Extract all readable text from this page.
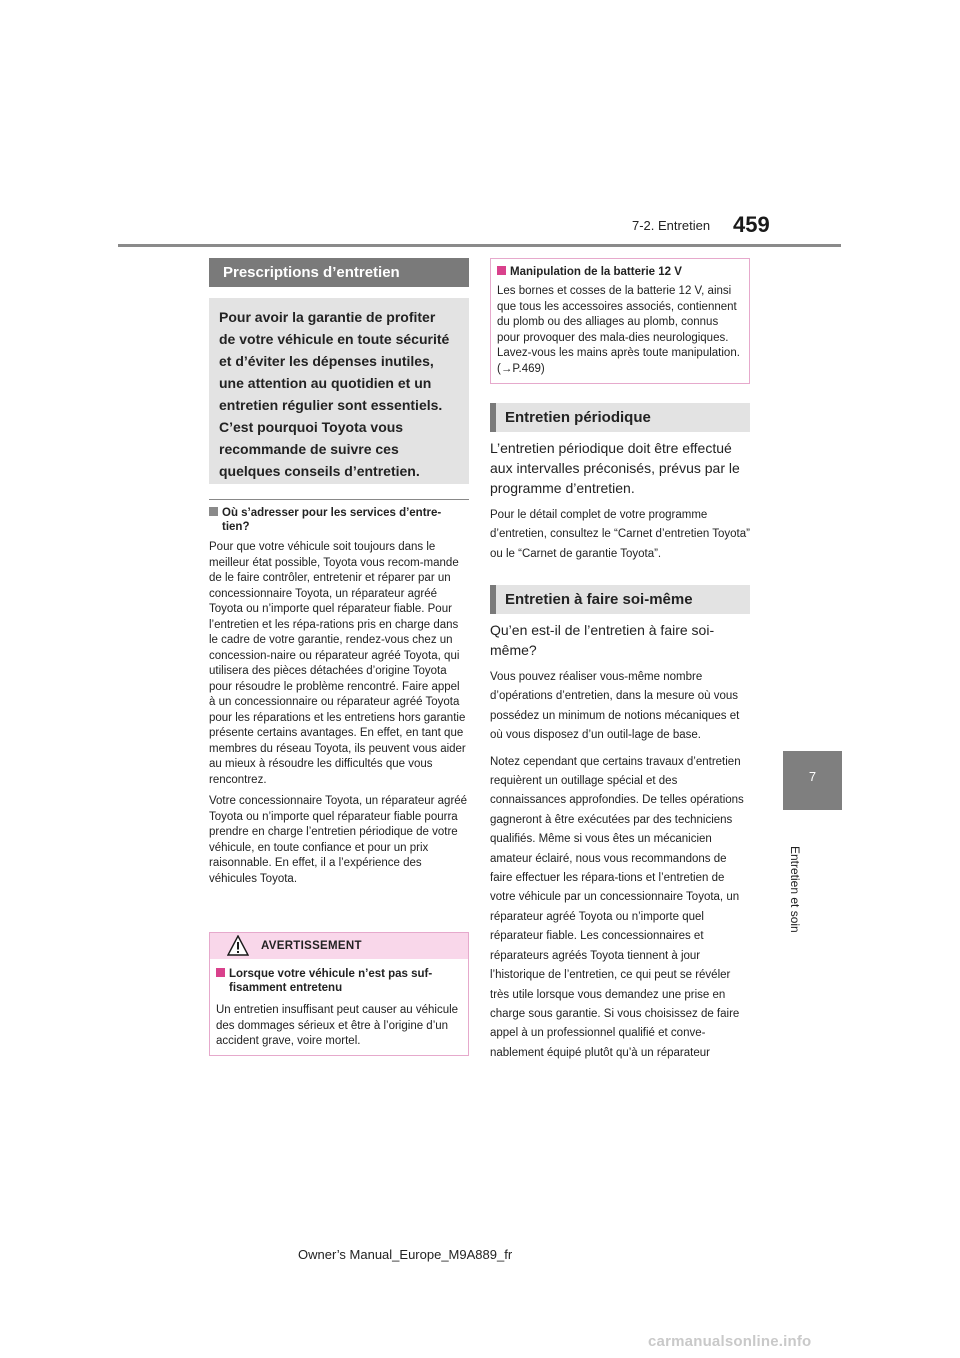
7-2. Entretien 459
7
Entretien et soin
Prescriptions d’entretien

Pour avoir la garantie de profiter

de votre véhicule en toute sécurité

et d’éviter les dépenses inutiles,

une attention au quotidien et un

entretien régulier sont essentiels.

C’est pourquoi Toyota vous

recommande de suivre ces

quelques conseils d’entretien.

Où s’adresser pour les services d’entre-
tien?

Pour que votre véhicule soit toujours dans le meilleur état possible, Toyota vous recom-mande de le faire contrôler, entretenir et réparer par un concessionnaire Toyota, un réparateur agréé Toyota ou n’importe quel réparateur fiable. Pour l’entretien et les répa-rations pris en charge dans le cadre de votre garantie, rendez-vous chez un concession-naire ou réparateur agréé Toyota, qui utilisera des pièces détachées d’origine Toyota pour résoudre le problème rencontré. Faire appel à un concessionnaire ou réparateur agréé Toyota pour les réparations et les entretiens hors garantie présente certains avantages. En effet, en tant que membres du réseau Toyota, ils peuvent vous aider au mieux à résoudre les difficultés que vous rencontrez.

Votre concessionnaire Toyota, un réparateur agréé Toyota ou n’importe quel réparateur fiable pourra prendre en charge l’entretien périodique de votre véhicule, en toute confiance et pour un prix raisonnable. En effet, il a l’expérience des véhicules Toyota.

AVERTISSEMENT
Lorsque votre véhicule n’est pas suf-
fisamment entretenu

Un entretien insuffisant peut causer au véhicule des dommages sérieux et être à l’origine d’un accident grave, voire mortel.

Manipulation de la batterie 12 V

Les bornes et cosses de la batterie 12 V, ainsi que tous les accessoires associés, contiennent du plomb ou des alliages au plomb, connus pour provoquer des mala-dies neurologiques. Lavez-vous les mains après toute manipulation. (→P.469)

Entretien périodique

L’entretien périodique doit être effectué aux intervalles préconisés, prévus par le programme d’entretien.

Pour le détail complet de votre programme d’entretien, consultez le “Carnet d’entretien Toyota” ou le “Carnet de garantie Toyota”.

Entretien à faire soi-même

Qu’en est-il de l’entretien à faire soi-même?

Vous pouvez réaliser vous-même nombre d’opérations d’entretien, dans la mesure où vous possédez un minimum de notions mécaniques et où vous disposez d’un outil-lage de base.

Notez cependant que certains travaux d’entretien requièrent un outillage spécial et des connaissances approfondies. De telles opérations gagneront à être exécutées par des techniciens qualifiés. Même si vous êtes un mécanicien amateur éclairé, nous vous recommandons de faire effectuer les répara-tions et l’entretien de votre véhicule par un concessionnaire Toyota, un réparateur agréé Toyota ou n’importe quel réparateur fiable. Les concessionnaires et réparateurs agréés Toyota tiennent à jour l’historique de l’entretien, ce qui peut se révéler très utile lorsque vous demandez une prise en charge sous garantie. Si vous choisissez de faire appel à un professionnel qualifié et conve-nablement équipé plutôt qu’à un réparateur

Owner’s Manual_Europe_M9A889_fr
carmanualsonline.info
